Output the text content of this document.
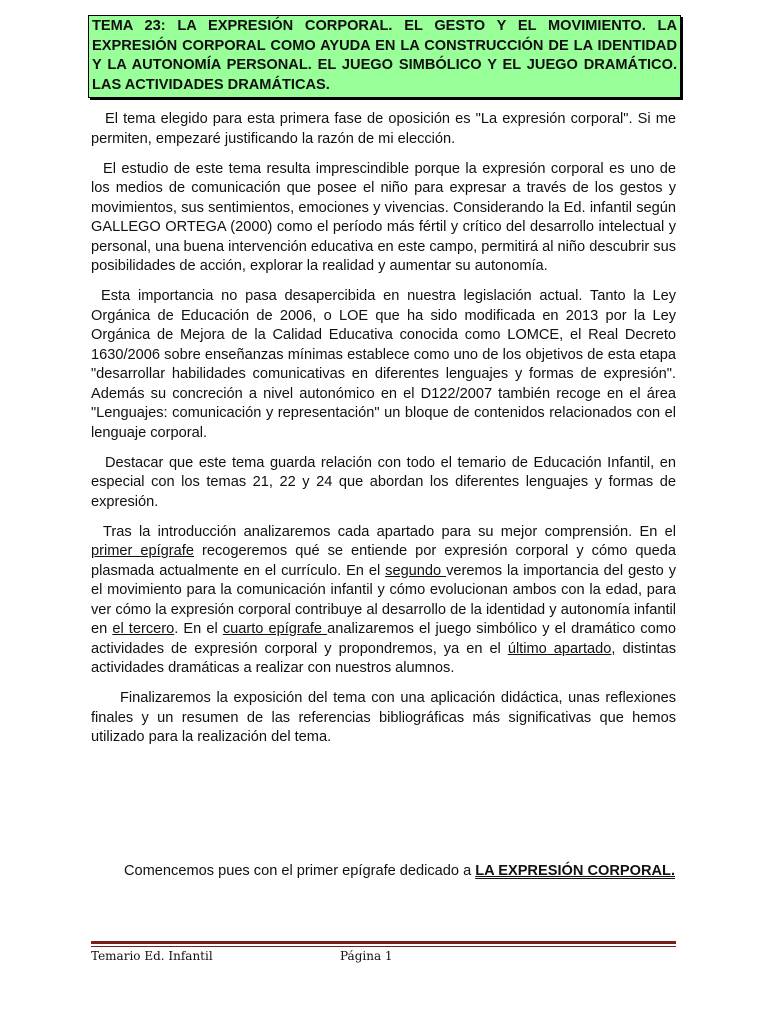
TEMA 23: LA EXPRESIÓN CORPORAL. EL GESTO Y EL MOVIMIENTO. LA EXPRESIÓN CORPORAL COMO AYUDA EN LA CONSTRUCCIÓN DE LA IDENTIDAD Y LA AUTONOMÍA PERSONAL. EL JUEGO SIMBÓLICO Y EL JUEGO DRAMÁTICO. LAS ACTIVIDADES DRAMÁTICAS.

El tema elegido para esta primera fase de oposición es "La expresión corporal". Si me permiten, empezaré justificando la razón de mi elección.

El estudio de este tema resulta imprescindible porque la expresión corporal es uno de los medios de comunicación que posee el niño para expresar a través de los gestos y movimientos, sus sentimientos, emociones y vivencias. Considerando la Ed. infantil según GALLEGO ORTEGA (2000) como el período más fértil y crítico del desarrollo intelectual y personal, una buena intervención educativa en este campo, permitirá al niño descubrir sus posibilidades de acción, explorar la realidad y aumentar su autonomía.

Esta importancia no pasa desapercibida en nuestra legislación actual. Tanto la Ley Orgánica de Educación de 2006, o LOE que ha sido modificada en 2013 por la Ley Orgánica de Mejora de la Calidad Educativa conocida como LOMCE, el Real Decreto 1630/2006 sobre enseñanzas mínimas establece como uno de los objetivos de esta etapa "desarrollar habilidades comunicativas en diferentes lenguajes y formas de expresión". Además su concreción a nivel autonómico en el D122/2007 también recoge en el área "Lenguajes: comunicación y representación" un bloque de contenidos relacionados con el lenguaje corporal.

Destacar que este tema guarda relación con todo el temario de Educación Infantil, en especial con los temas 21, 22 y 24 que abordan los diferentes lenguajes y formas de expresión.

Tras la introducción analizaremos cada apartado para su mejor comprensión. En el primer epígrafe recogeremos qué se entiende por expresión corporal y cómo queda plasmada actualmente en el currículo. En el segundo veremos la importancia del gesto y el movimiento para la comunicación infantil y cómo evolucionan ambos con la edad, para ver cómo la expresión corporal contribuye al desarrollo de la identidad y autonomía infantil en el tercero. En el cuarto epígrafe analizaremos el juego simbólico y el dramático como actividades de expresión corporal y propondremos, ya en el último apartado, distintas actividades dramáticas a realizar con nuestros alumnos.

Finalizaremos la exposición del tema con una aplicación didáctica, unas reflexiones finales y un resumen de las referencias bibliográficas más significativas que hemos utilizado para la realización del tema.

Comencemos pues con el primer epígrafe dedicado a LA EXPRESIÓN CORPORAL.
Temario Ed. Infantil	Página 1
